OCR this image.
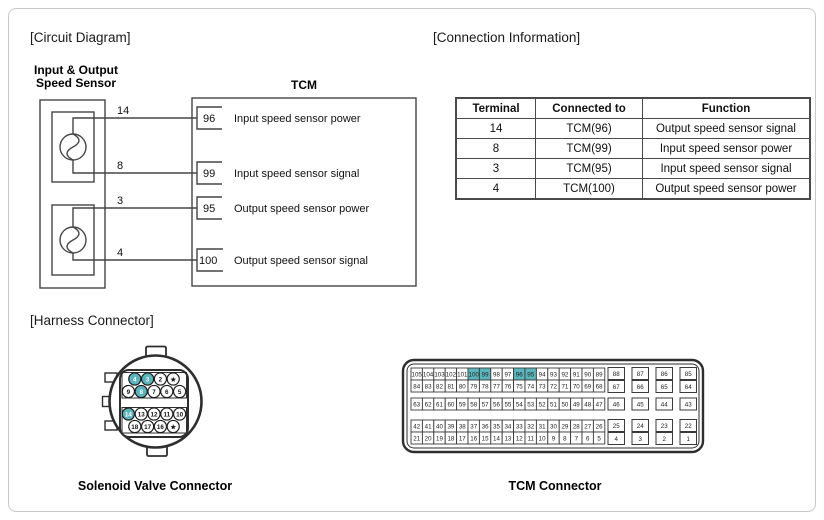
[Circuit Diagram]	[Connection Information]
[Harness Connector]
Input & Output
Speed Sensor	TCM
14
8
3
4
96 Input speed sensor power
99 Input speed sensor signal
95 Output speed sensor power
100 Output speed sensor signal
Terminal	Connected to	Function
14	TCM(96)	Output speed sensor signal
8	TCM(99)	Input speed sensor power
3	TCM(95)	Input speed sensor signal
4	TCM(100)	Output speed sensor power
4 3 2 ★
9 8 7 6 5
14 13 12 11 10
18 17 16 ★
105 104 103 102 101 100 99 98 97 96 95 94 93 92 91 90 89
84 83 82 81 80 79 78 77 76 75 74 73 72 71 70 69 68
63 62 61 60 59 58 57 56 55 54 53 52 51 50 49 48 47
42 41 40 39 38 37 36 35 34 33 32 31 30 29 28 27 26
21 20 19 18 17 16 15 14 13 12 11 10 9 8 7 6 5
88	87	86	85
67	66	65	64
46	45	44	43
25	24	23	22
4	3	2	1
Solenoid Valve Connector	TCM Connector
